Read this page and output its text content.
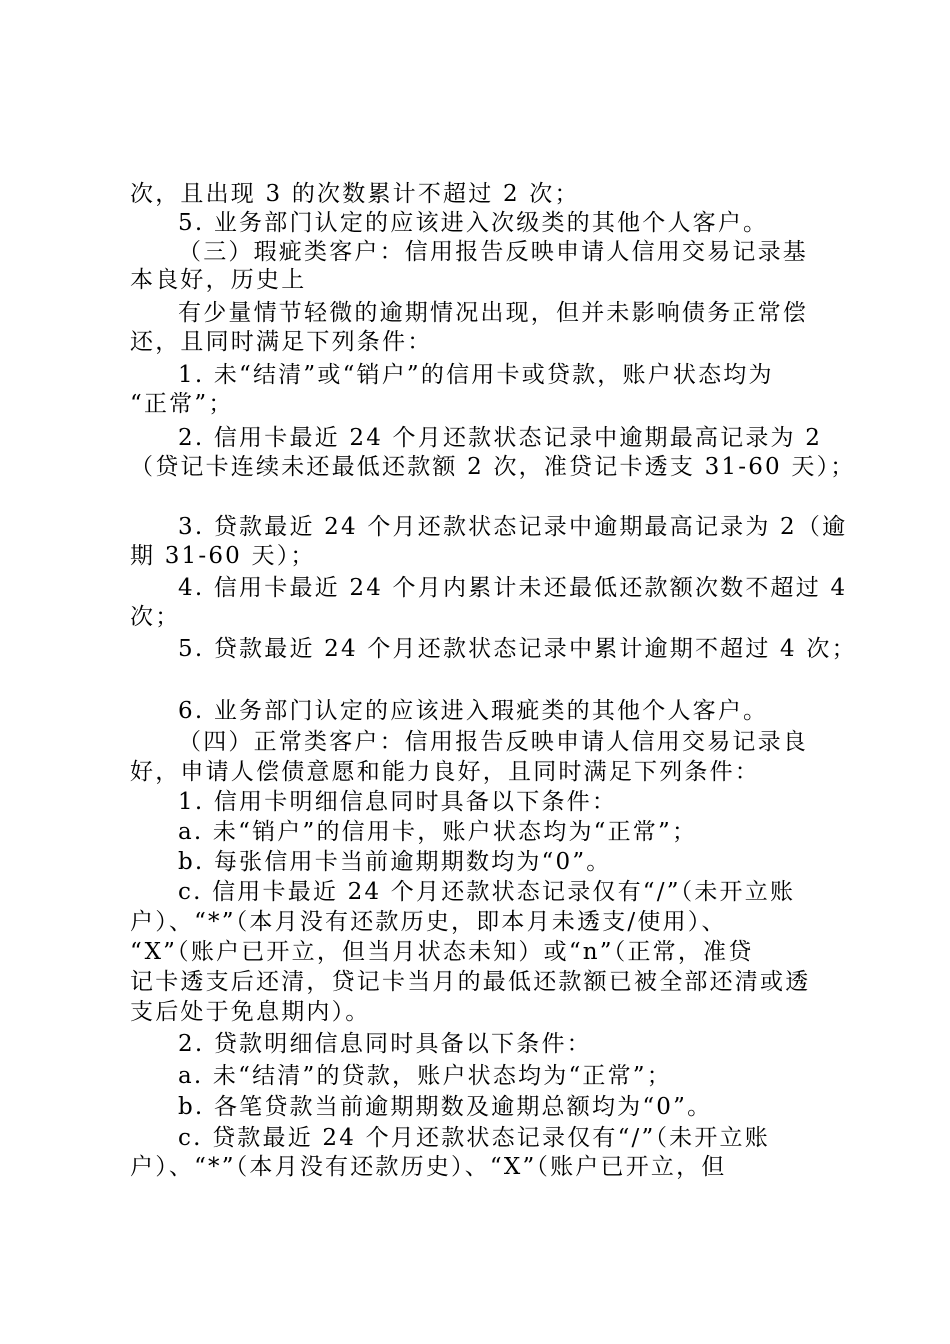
次，且出现 3 的次数累计不超过 2 次；
5. 业务部门认定的应该进入次级类的其他个人客户。
（三）瑕疵类客户：信用报告反映申请人信用交易记录基
本良好，历史上
有少量情节轻微的逾期情况出现，但并未影响债务正常偿
还，且同时满足下列条件：
1. 未“结清”或“销户”的信用卡或贷款，账户状态均为
“正常”；
2. 信用卡最近 24 个月还款状态记录中逾期最高记录为 2
（贷记卡连续未还最低还款额 2 次，准贷记卡透支 31-60 天）；
3. 贷款最近 24 个月还款状态记录中逾期最高记录为 2（逾
期 31-60 天）；
4. 信用卡最近 24 个月内累计未还最低还款额次数不超过 4
次；
5. 贷款最近 24 个月还款状态记录中累计逾期不超过 4 次；
6. 业务部门认定的应该进入瑕疵类的其他个人客户。
（四）正常类客户：信用报告反映申请人信用交易记录良
好，申请人偿债意愿和能力良好，且同时满足下列条件：
1. 信用卡明细信息同时具备以下条件：
a. 未“销户”的信用卡，账户状态均为“正常”；
b. 每张信用卡当前逾期期数均为“0”。
c. 信用卡最近 24 个月还款状态记录仅有“/”（未开立账
户）、“*”（本月没有还款历史，即本月未透支/使用）、
“X”（账户已开立，但当月状态未知）或“n”（正常，准贷
记卡透支后还清，贷记卡当月的最低还款额已被全部还清或透
支后处于免息期内）。
2. 贷款明细信息同时具备以下条件：
a. 未“结清”的贷款，账户状态均为“正常”；
b. 各笔贷款当前逾期期数及逾期总额均为“0”。
c. 贷款最近 24 个月还款状态记录仅有“/”（未开立账
户）、“*”（本月没有还款历史）、“X”（账户已开立，但
